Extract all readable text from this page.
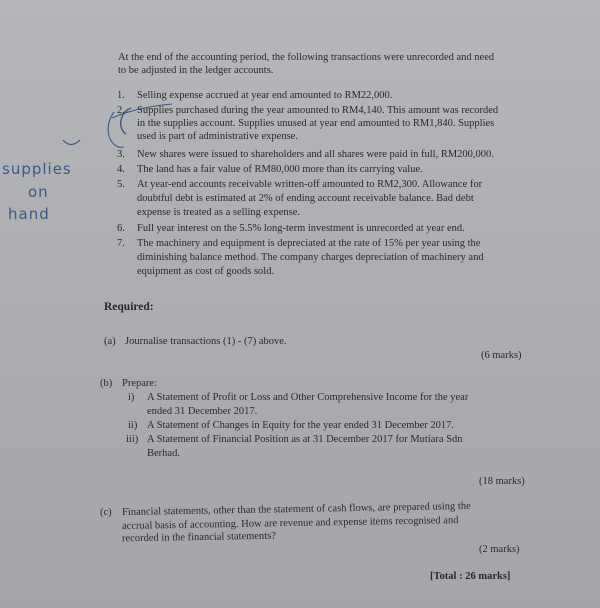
supplies
on
hand
At the end of the accounting period, the following transactions were unrecorded and need
to be adjusted in the ledger accounts.
1. Selling expense accrued at year end amounted to RM22,000.
2. Supplies purchased during the year amounted to RM4,140. This amount was recorded
in the supplies account. Supplies unused at year end amounted to RM1,840. Supplies
used is part of administrative expense.
3. New shares were issued to shareholders and all shares were paid in full, RM200,000.
4. The land has a fair value of RM80,000 more than its carrying value.
5. At year-end accounts receivable written-off amounted to RM2,300. Allowance for
doubtful debt is estimated at 2% of ending account receivable balance. Bad debt
expense is treated as a selling expense.
6. Full year interest on the 5.5% long-term investment is unrecorded at year end.
7. The machinery and equipment is depreciated at the rate of 15% per year using the
diminishing balance method. The company charges depreciation of machinery and
equipment as cost of goods sold.
Required:
(a) Journalise transactions (1) - (7) above.
(6 marks)
(b) Prepare:
i) A Statement of Profit or Loss and Other Comprehensive Income for the year
ended 31 December 2017.
ii) A Statement of Changes in Equity for the year ended 31 December 2017.
iii) A Statement of Financial Position as at 31 December 2017 for Mutiara Sdn
Berhad.
(18 marks)
(c) Financial statements, other than the statement of cash flows, are prepared using the
accrual basis of accounting. How are revenue and expense items recognised and
recorded in the financial statements?
(2 marks)
[Total : 26 marks]
